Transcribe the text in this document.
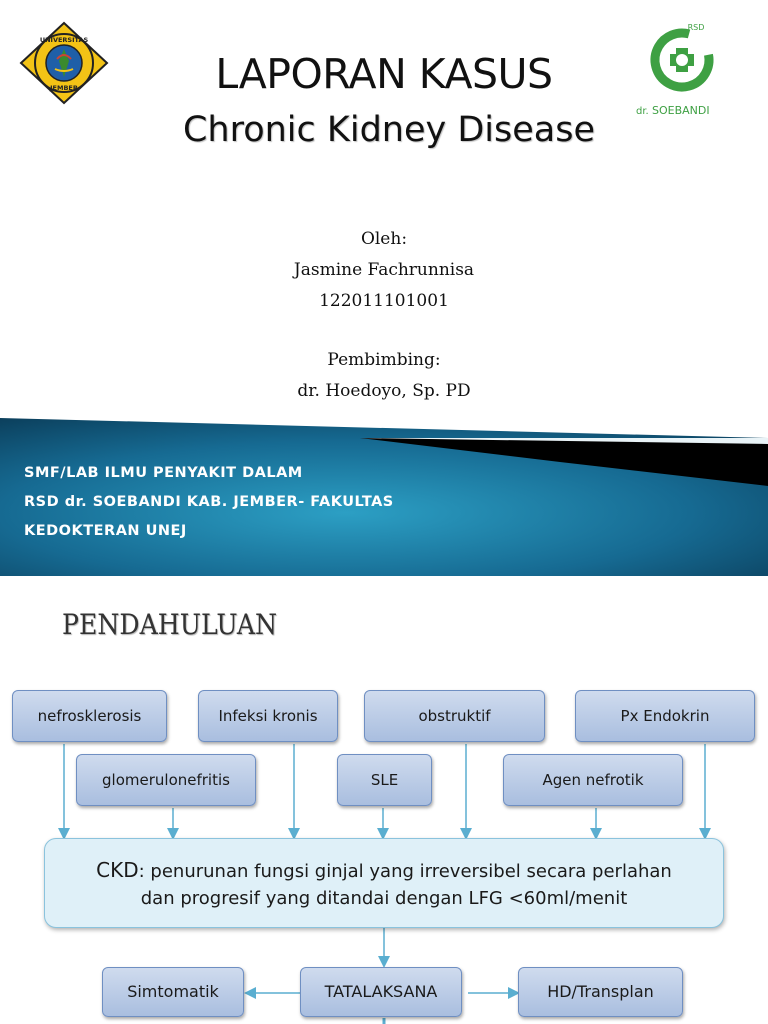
UNIVERSITAS
JEMBER
RSD
dr. SOEBANDI
LAPORAN KASUS
Chronic Kidney Disease
Oleh:
Jasmine Fachrunnisa
122011101001
Pembimbing:
dr. Hoedoyo, Sp. PD
SMF/LAB ILMU PENYAKIT DALAM
RSD dr. SOEBANDI KAB. JEMBER- FAKULTAS KEDOKTERAN UNEJ
PENDAHULUAN
nefrosklerosis	Infeksi kronis	obstruktif	Px Endokrin
glomerulonefritis	SLE	Agen nefrotik
CKD: penurunan fungsi ginjal yang irreversibel secara perlahan
dan progresif yang ditandai dengan LFG <60ml/menit
Simtomatik	TATALAKSANA	HD/Transplan
